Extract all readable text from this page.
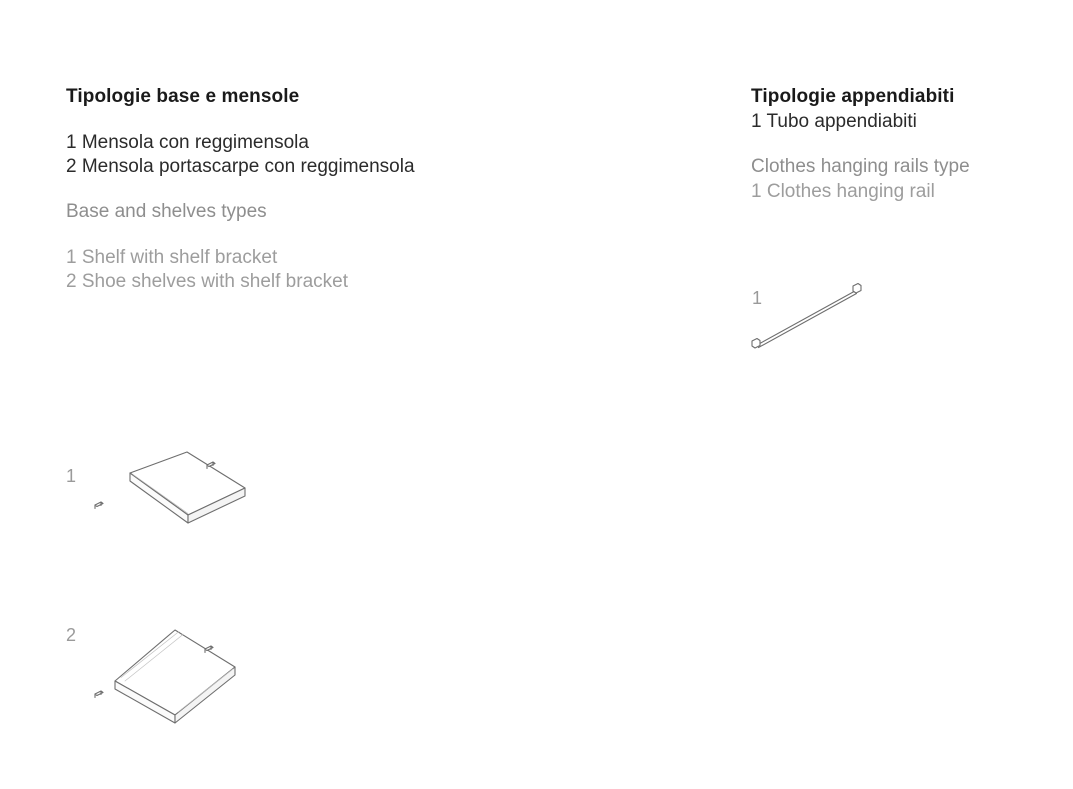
Tipologie base e mensole

1 Mensola con reggimensola

2 Mensola portascarpe con reggimensola

Base and shelves types

1 Shelf with shelf bracket

2 Shoe shelves with shelf bracket

Tipologie appendiabiti

1 Tubo appendiabiti

Clothes hanging rails type

1 Clothes hanging rail

1
2
1
